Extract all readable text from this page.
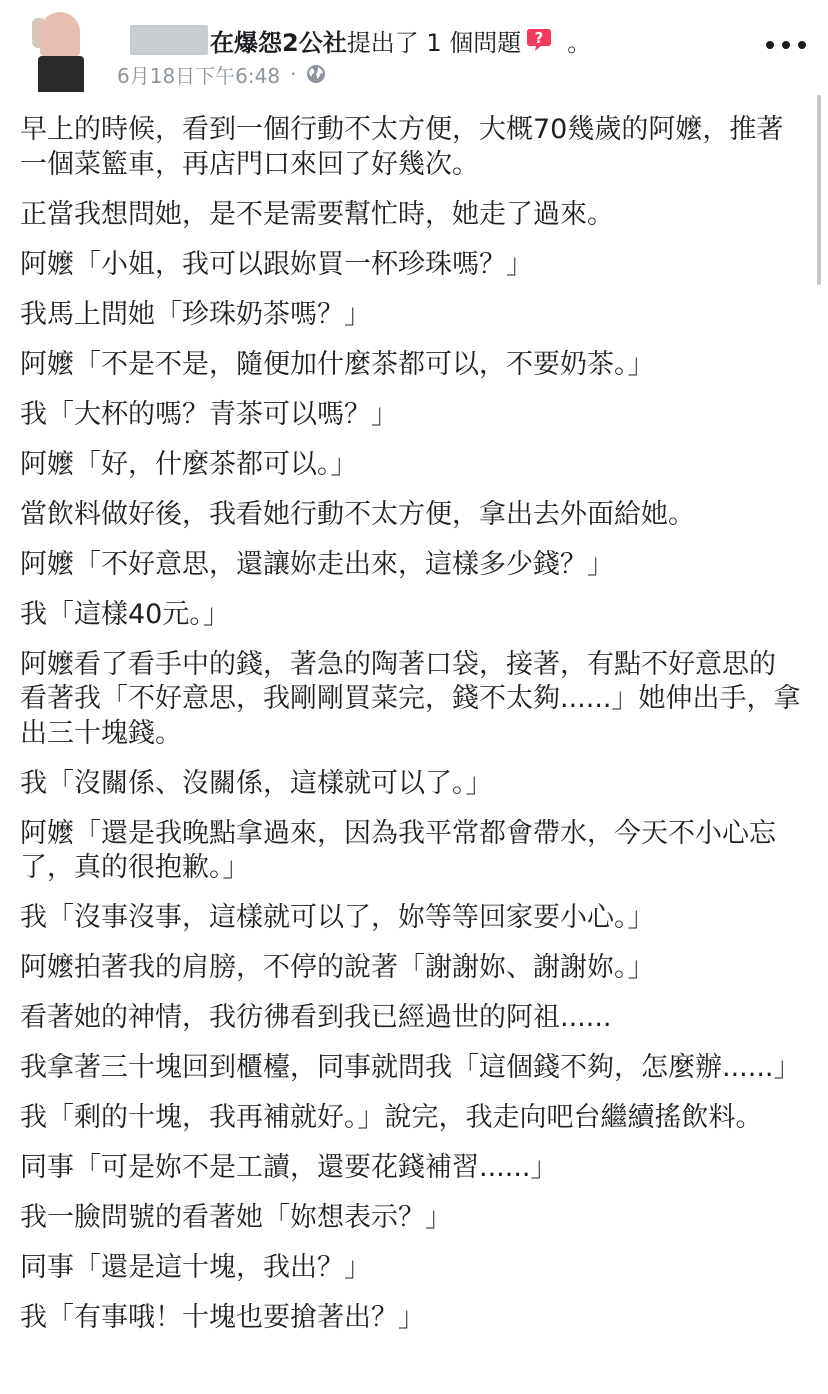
在爆怨2公社 提出了 1 個問題 ? 。
6月18日下午6:48 ·

早上的時候，看到一個行動不太方便，大概70幾歲的阿嬤，推著一個菜籃車，再店門口來回了好幾次。

正當我想問她，是不是需要幫忙時，她走了過來。

阿嬤「小姐，我可以跟妳買一杯珍珠嗎？」

我馬上問她「珍珠奶茶嗎？」

阿嬤「不是不是，隨便加什麼茶都可以，不要奶茶。」

我「大杯的嗎？青茶可以嗎？」

阿嬤「好，什麼茶都可以。」

當飲料做好後，我看她行動不太方便，拿出去外面給她。

阿嬤「不好意思，還讓妳走出來，這樣多少錢？」

我「這樣40元。」

阿嬤看了看手中的錢，著急的陶著口袋，接著，有點不好意思的看著我「不好意思，我剛剛買菜完，錢不太夠......」她伸出手，拿出三十塊錢。

我「沒關係、沒關係，這樣就可以了。」

阿嬤「還是我晚點拿過來，因為我平常都會帶水，今天不小心忘了，真的很抱歉。」

我「沒事沒事，這樣就可以了，妳等等回家要小心。」

阿嬤拍著我的肩膀，不停的說著「謝謝妳、謝謝妳。」

看著她的神情，我彷彿看到我已經過世的阿祖......

我拿著三十塊回到櫃檯，同事就問我「這個錢不夠，怎麼辦......」

我「剩的十塊，我再補就好。」說完，我走向吧台繼續搖飲料。

同事「可是妳不是工讀，還要花錢補習......」

我一臉問號的看著她「妳想表示？」

同事「還是這十塊，我出？」

我「有事哦！十塊也要搶著出？」
